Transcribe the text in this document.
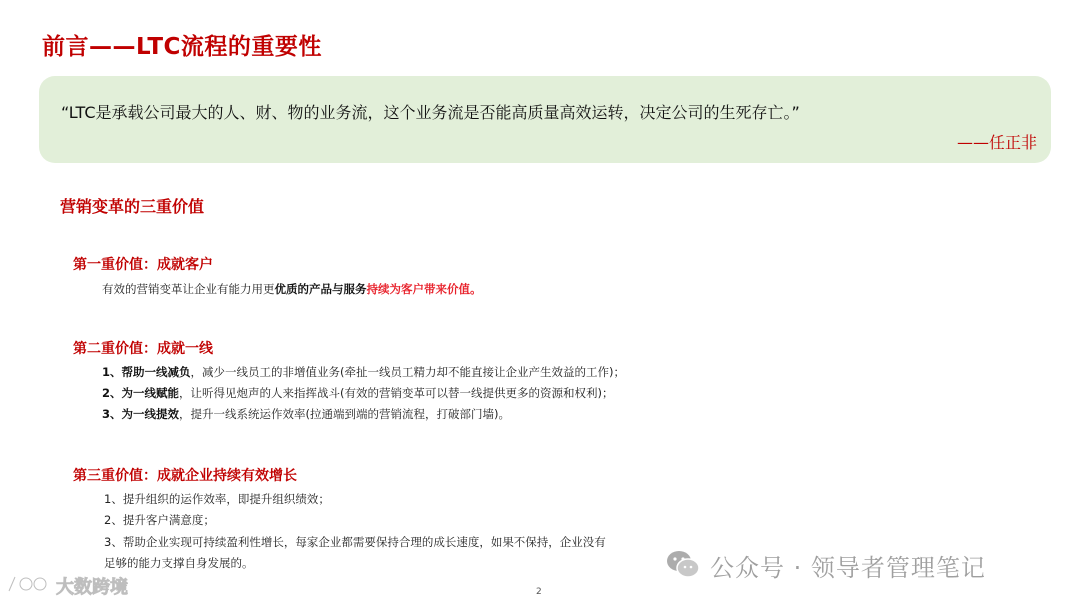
前言——LTC流程的重要性
“LTC是承载公司最大的人、财、物的业务流，这个业务流是否能高质量高效运转，决定公司的生死存亡。”
——任正非
营销变革的三重价值
第一重价值：成就客户
有效的营销变革让企业有能力用更优质的产品与服务持续为客户带来价值。
第二重价值：成就一线
1、帮助一线减负，减少一线员工的非增值业务(牵扯一线员工精力却不能直接让企业产生效益的工作)；
2、为一线赋能，让听得见炮声的人来指挥战斗(有效的营销变革可以替一线提供更多的资源和权利)；
3、为一线提效，提升一线系统运作效率(拉通端到端的营销流程，打破部门墙)。
第三重价值：成就企业持续有效增长
1、提升组织的运作效率，即提升组织绩效；
2、提升客户满意度；
3、帮助企业实现可持续盈利性增长，每家企业都需要保持合理的成长速度，如果不保持，企业没有
足够的能力支撑自身发展的。
2
公众号 · 领导者管理笔记
大数跨境
